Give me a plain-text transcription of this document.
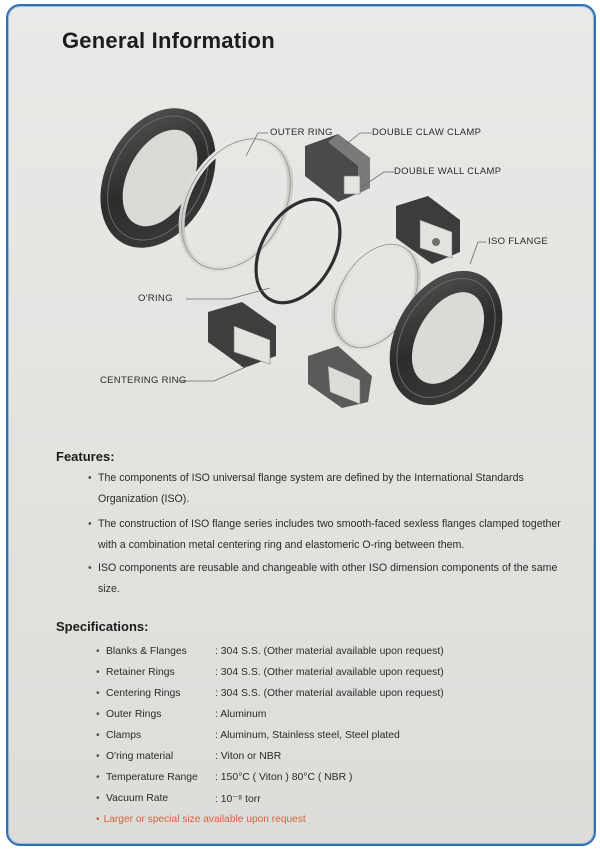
General Information
OUTER RING	DOUBLE CLAW CLAMP
DOUBLE WALL CLAMP
ISO FLANGE
O'RING
CENTERING RING
Features:
• The components of ISO universal flange system are defined by the International Standards Organization (ISO).
• The construction of ISO flange series includes two smooth-faced sexless flanges clamped together with a combination metal centering ring and elastomeric O-ring between them.
• ISO components are reusable and changeable with other ISO dimension components of the same size.
Specifications:
• Blanks & Flanges	: 304 S.S. (Other material available upon request)
• Retainer Rings	: 304 S.S. (Other material available upon request)
• Centering Rings	: 304 S.S. (Other material available upon request)
• Outer Rings	: Aluminum
• Clamps	: Aluminum, Stainless steel, Steel plated
• O'ring material	: Viton or NBR
• Temperature Range : 150°C ( Viton ) 80°C ( NBR )
• Vacuum Rate	: 10⁻⁸ torr
• Larger or special size available upon request
